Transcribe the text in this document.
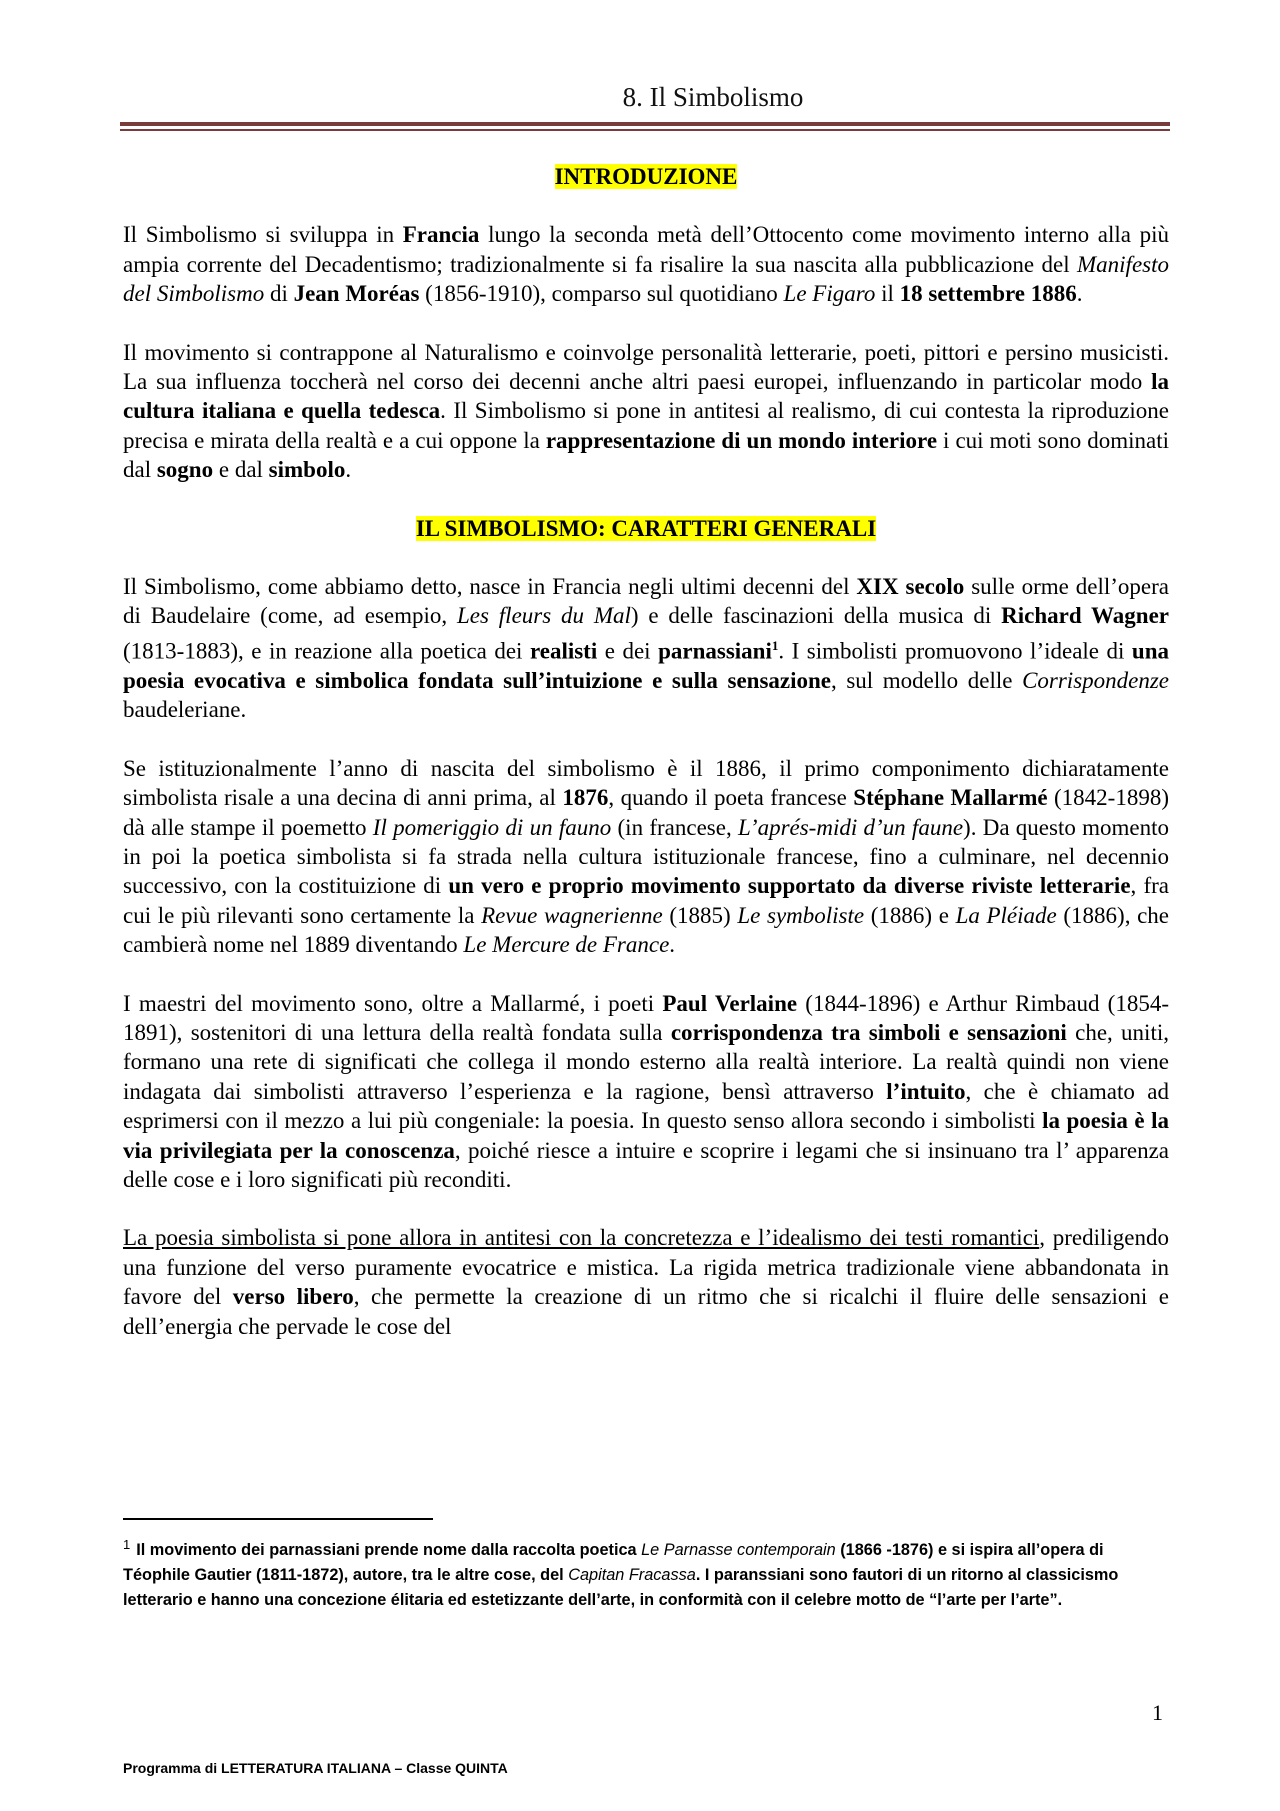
8. Il Simbolismo
INTRODUZIONE

Il Simbolismo si sviluppa in Francia lungo la seconda metà dell’Ottocento come movimento interno alla più ampia corrente del Decadentismo; tradizionalmente si fa risalire la sua nascita alla pubblicazione del Manifesto del Simbolismo di Jean Moréas (1856-1910), comparso sul quotidiano Le Figaro il 18 settembre 1886.

Il movimento si contrappone al Naturalismo e coinvolge personalità letterarie, poeti, pittori e persino musicisti. La sua influenza toccherà nel corso dei decenni anche altri paesi europei, influenzando in particolar modo la cultura italiana e quella tedesca. Il Simbolismo si pone in antitesi al realismo, di cui contesta la riproduzione precisa e mirata della realtà e a cui oppone la rappresentazione di un mondo interiore i cui moti sono dominati dal sogno e dal simbolo.

IL SIMBOLISMO: CARATTERI GENERALI

Il Simbolismo, come abbiamo detto, nasce in Francia negli ultimi decenni del XIX secolo sulle orme dell’opera di Baudelaire (come, ad esempio, Les fleurs du Mal) e delle fascinazioni della musica di Richard Wagner (1813-1883), e in reazione alla poetica dei realisti e dei parnassiani$^1$. I simbolisti promuovono l’ideale di una poesia evocativa e simbolica fondata sull’intuizione e sulla sensazione, sul modello delle Corrispondenze baudeleriane.

Se istituzionalmente l’anno di nascita del simbolismo è il 1886, il primo componimento dichiaratamente simbolista risale a una decina di anni prima, al 1876, quando il poeta francese Stéphane Mallarmé (1842-1898) dà alle stampe il poemetto Il pomeriggio di un fauno (in francese, L’aprés-midi d’un faune). Da questo momento in poi la poetica simbolista si fa strada nella cultura istituzionale francese, fino a culminare, nel decennio successivo, con la costituizione di un vero e proprio movimento supportato da diverse riviste letterarie, fra cui le più rilevanti sono certamente la Revue wagnerienne (1885) Le symboliste (1886) e La Pléiade (1886), che cambierà nome nel 1889 diventando Le Mercure de France.

I maestri del movimento sono, oltre a Mallarmé, i poeti Paul Verlaine (1844-1896) e Arthur Rimbaud (1854-1891), sostenitori di una lettura della realtà fondata sulla corrispondenza tra simboli e sensazioni che, uniti, formano una rete di significati che collega il mondo esterno alla realtà interiore. La realtà quindi non viene indagata dai simbolisti attraverso l’esperienza e la ragione, bensì attraverso l’intuito, che è chiamato ad esprimersi con il mezzo a lui più congeniale: la poesia. In questo senso allora secondo i simbolisti la poesia è la via privilegiata per la conoscenza, poiché riesce a intuire e scoprire i legami che si insinuano tra l’ apparenza delle cose e i loro significati più reconditi.

La poesia simbolista si pone allora in antitesi con la concretezza e l’idealismo dei testi romantici, prediligendo una funzione del verso puramente evocatrice e mistica. La rigida metrica tradizionale viene abbandonata in favore del verso libero, che permette la creazione di un ritmo che si ricalchi il fluire delle sensazioni e dell’energia che pervade le cose del

$^1$ Il movimento dei parnassiani prende nome dalla raccolta poetica Le Parnasse contemporain (1866 -1876) e si ispira all’opera di Téophile Gautier (1811-1872), autore, tra le altre cose, del Capitan Fracassa. I paranssiani sono fautori di un ritorno al classicismo letterario e hanno una concezione élitaria ed estetizzante dell’arte, in conformità con il celebre motto de “l’arte per l’arte”.
1
Programma di LETTERATURA ITALIANA – Classe QUINTA
